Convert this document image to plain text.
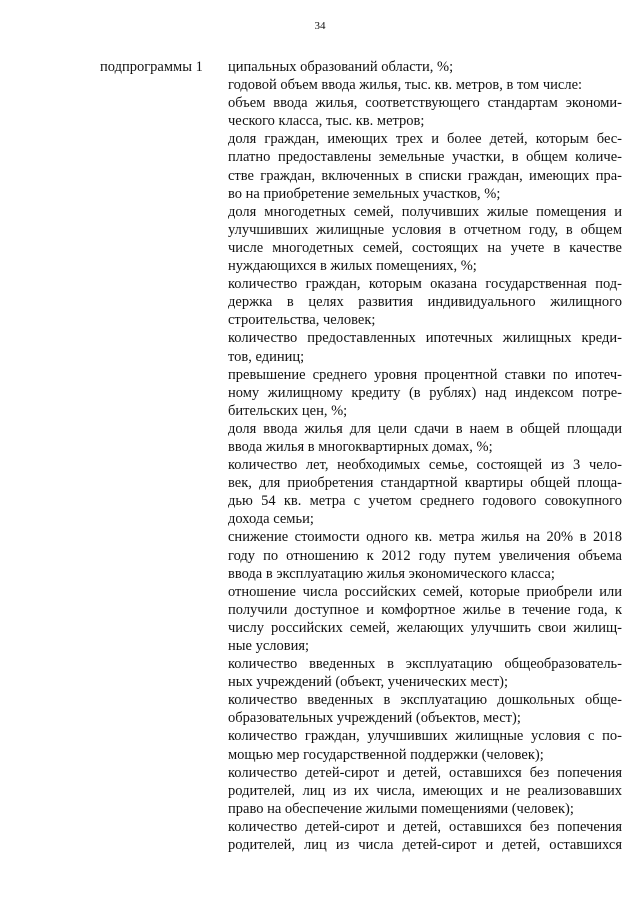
34
подпрограммы 1 ципальных образований области, %;
годовой объем ввода жилья, тыс. кв. метров, в том числе:
объем ввода жилья, соответствующего стандартам экономи-
ческого класса, тыс. кв. метров;
доля граждан, имеющих трех и более детей, которым бес-
платно предоставлены земельные участки, в общем количе-
стве граждан, включенных в списки граждан, имеющих пра-
во на приобретение земельных участков, %;
доля многодетных семей, получивших жилые помещения и
улучшивших жилищные условия в отчетном году, в общем
числе многодетных семей, состоящих на учете в качестве
нуждающихся в жилых помещениях, %;
количество граждан, которым оказана государственная под-
держка в целях развития индивидуального жилищного
строительства, человек;
количество предоставленных ипотечных жилищных креди-
тов, единиц;
превышение среднего уровня процентной ставки по ипотеч-
ному жилищному кредиту (в рублях) над индексом потре-
бительских цен, %;
доля ввода жилья для цели сдачи в наем в общей площади
ввода жилья в многоквартирных домах, %;
количество лет, необходимых семье, состоящей из 3 чело-
век, для приобретения стандартной квартиры общей площа-
дью 54 кв. метра с учетом среднего годового совокупного
дохода семьи;
снижение стоимости одного кв. метра жилья на 20% в 2018
году по отношению к 2012 году путем увеличения объема
ввода в эксплуатацию жилья экономического класса;
отношение числа российских семей, которые приобрели или
получили доступное и комфортное жилье в течение года, к
числу российских семей, желающих улучшить свои жилищ-
ные условия;
количество введенных в эксплуатацию общеобразователь-
ных учреждений (объект, ученических мест);
количество введенных в эксплуатацию дошкольных обще-
образовательных учреждений (объектов, мест);
количество граждан, улучшивших жилищные условия с по-
мощью мер государственной поддержки (человек);
количество детей-сирот и детей, оставшихся без попечения
родителей, лиц из их числа, имеющих и не реализовавших
право на обеспечение жилыми помещениями (человек);
количество детей-сирот и детей, оставшихся без попечения
родителей, лиц из числа детей-сирот и детей, оставшихся
